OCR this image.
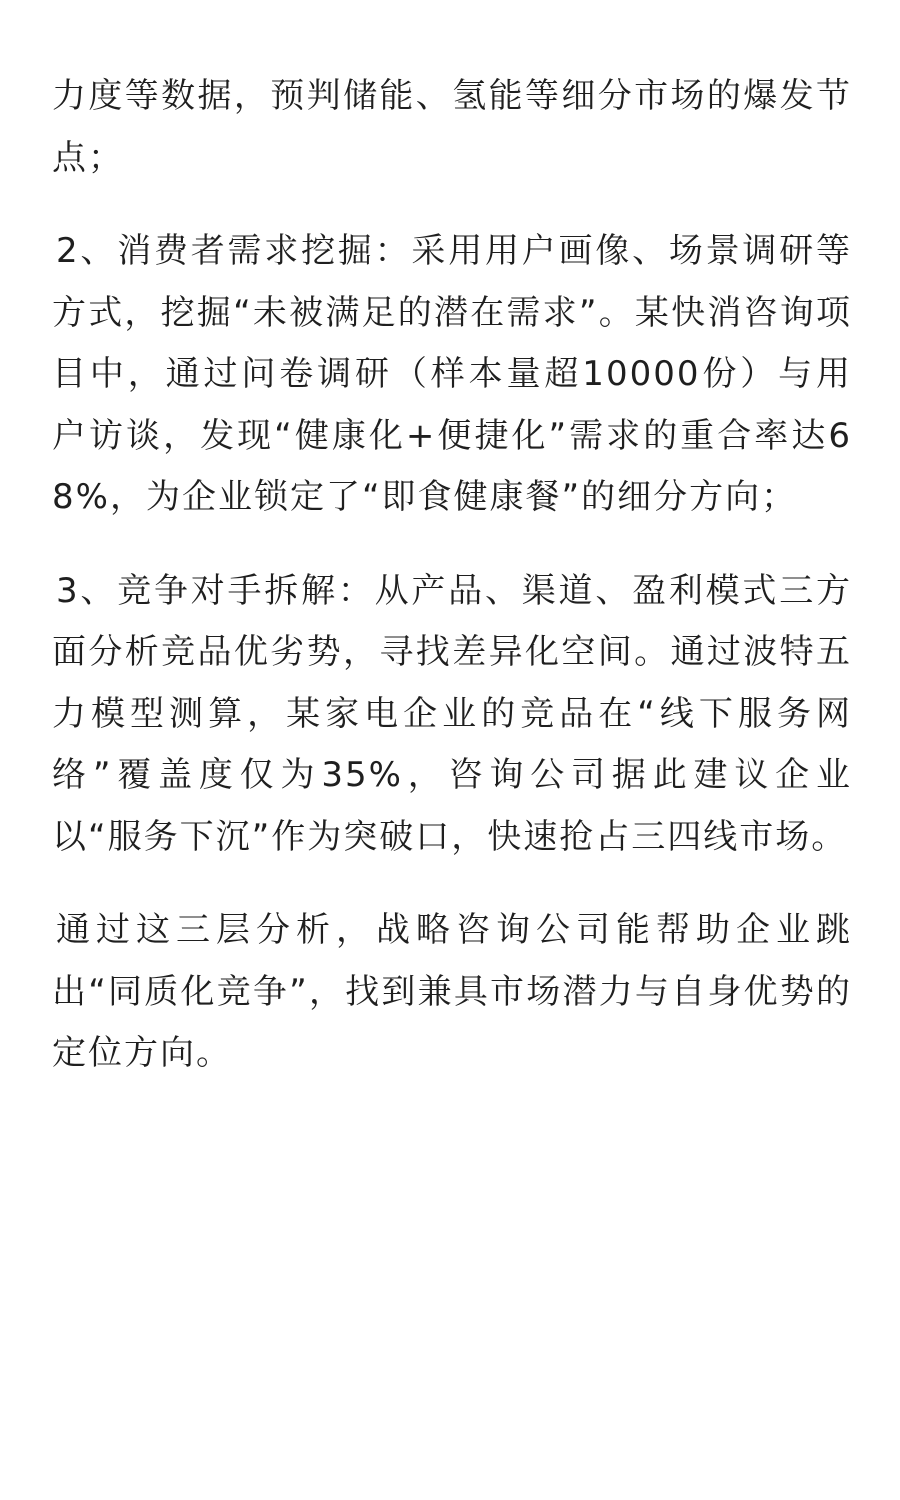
力度等数据，预判储能、氢能等细分市场的爆发节点；

2、消费者需求挖掘：采用用户画像、场景调研等方式，挖掘“未被满足的潜在需求”。某快消咨询项目中，通过问卷调研（样本量超10000份）与用户访谈，发现“健康化+便捷化”需求的重合率达68%，为企业锁定了“即食健康餐”的细分方向；

3、竞争对手拆解：从产品、渠道、盈利模式三方面分析竞品优劣势，寻找差异化空间。通过波特五力模型测算，某家电企业的竞品在“线下服务网络”覆盖度仅为35%，咨询公司据此建议企业以“服务下沉”作为突破口，快速抢占三四线市场。

通过这三层分析，战略咨询公司能帮助企业跳出“同质化竞争”，找到兼具市场潜力与自身优势的定位方向。
